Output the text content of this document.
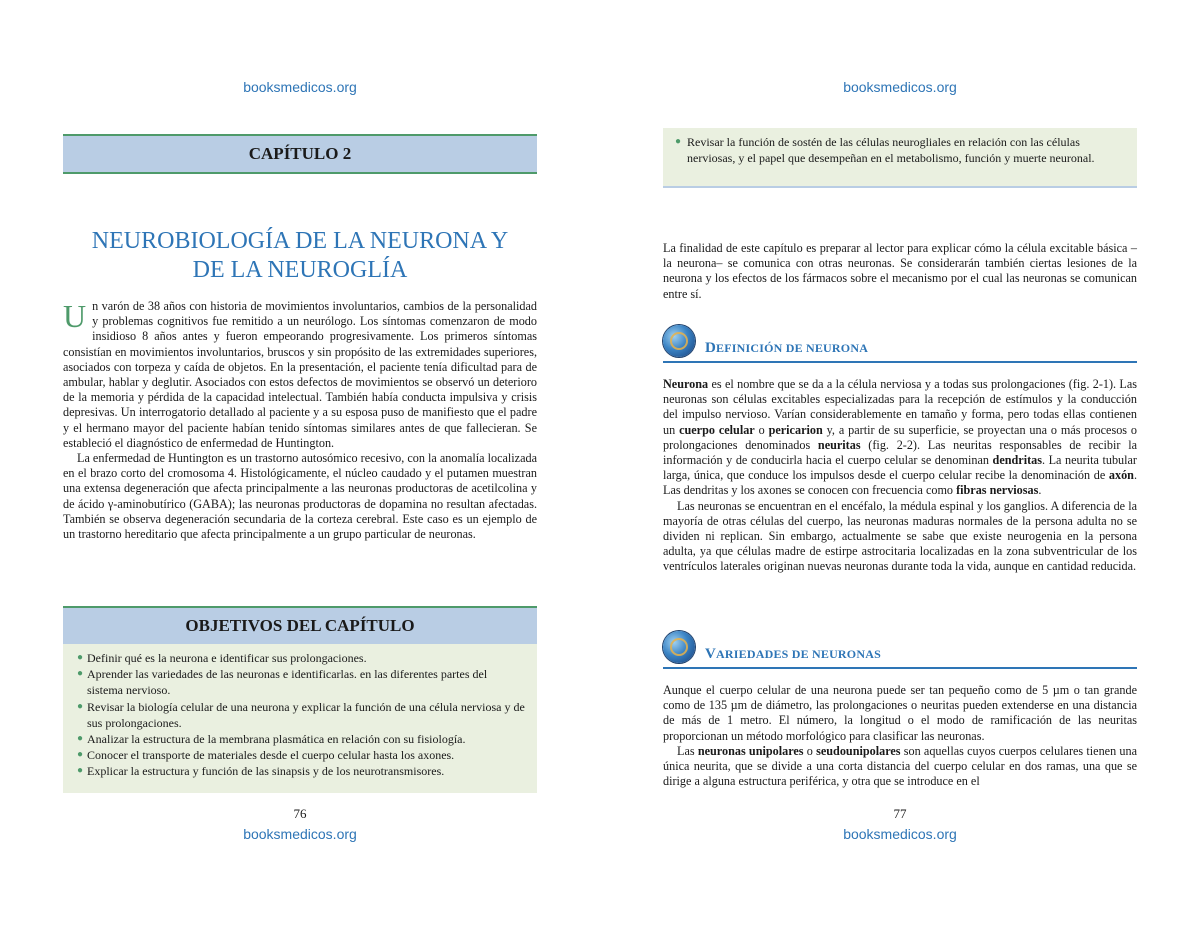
booksmedicos.org
CAPÍTULO 2
NEUROBIOLOGÍA DE LA NEURONA Y
DE LA NEUROGLÍA

Un varón de 38 años con historia de movimientos involuntarios, cambios de la personalidad y problemas cognitivos fue remitido a un neurólogo. Los síntomas comenzaron de modo insidioso 8 años antes y fueron empeorando progresivamente. Los primeros síntomas consistían en movimientos involuntarios, bruscos y sin propósito de las extremidades superiores, asociados con torpeza y caída de objetos. En la presentación, el paciente tenía dificultad para de ambular, hablar y deglutir. Asociados con estos defectos de movimientos se observó un deterioro de la memoria y pérdida de la capacidad intelectual. También había conducta impulsiva y crisis depresivas. Un interrogatorio detallado al paciente y a su esposa puso de manifiesto que el padre y el hermano mayor del paciente habían tenido síntomas similares antes de que fallecieran. Se estableció el diagnóstico de enfermedad de Huntington.

La enfermedad de Huntington es un trastorno autosómico recesivo, con la anomalía localizada en el brazo corto del cromosoma 4. Histológicamente, el núcleo caudado y el putamen muestran una extensa degeneración que afecta principalmente a las neuronas productoras de acetilcolina y de ácido γ-aminobutírico (GABA); las neuronas productoras de dopamina no resultan afectadas. También se observa degeneración secundaria de la corteza cerebral. Este caso es un ejemplo de un trastorno hereditario que afecta principalmente a un grupo particular de neuronas.

OBJETIVOS DEL CAPÍTULO
● Definir qué es la neurona e identificar sus prolongaciones.
● Aprender las variedades de las neuronas e identificarlas. en las diferentes partes del sistema nervioso.
● Revisar la biología celular de una neurona y explicar la función de una célula nerviosa y de sus prolongaciones.
● Analizar la estructura de la membrana plasmática en relación con su fisiología.
● Conocer el transporte de materiales desde el cuerpo celular hasta los axones.
● Explicar la estructura y función de las sinapsis y de los neurotransmisores.
76
booksmedicos.org
booksmedicos.org
77
booksmedicos.org
● Revisar la función de sostén de las células neurogliales en relación con las células nerviosas, y el papel que desempeñan en el metabolismo, función y muerte neuronal.
La finalidad de este capítulo es preparar al lector para explicar cómo la célula excitable básica –la neurona– se comunica con otras neuronas. Se considerarán también ciertas lesiones de la neurona y los efectos de los fármacos sobre el mecanismo por el cual las neuronas se comunican entre sí.
DEFINICIÓN DE NEURONA

Neurona es el nombre que se da a la célula nerviosa y a todas sus prolongaciones (fig. 2-1). Las neuronas son células excitables especializadas para la recepción de estímulos y la conducción del impulso nervioso. Varían considerablemente en tamaño y forma, pero todas ellas contienen un cuerpo celular o pericarion y, a partir de su superficie, se proyectan una o más procesos o prolongaciones denominados neuritas (fig. 2-2). Las neuritas responsables de recibir la información y de conducirla hacia el cuerpo celular se denominan dendritas. La neurita tubular larga, única, que conduce los impulsos desde el cuerpo celular recibe la denominación de axón. Las dendritas y los axones se conocen con frecuencia como fibras nerviosas.

Las neuronas se encuentran en el encéfalo, la médula espinal y los ganglios. A diferencia de la mayoría de otras células del cuerpo, las neuronas maduras normales de la persona adulta no se dividen ni replican. Sin embargo, actualmente se sabe que existe neurogenia en la persona adulta, ya que células madre de estirpe astrocitaria localizadas en la zona subventricular de los ventrículos laterales originan nuevas neuronas durante toda la vida, aunque en cantidad reducida.

VARIEDADES DE NEURONAS

Aunque el cuerpo celular de una neurona puede ser tan pequeño como de 5 µm o tan grande como de 135 µm de diámetro, las prolongaciones o neuritas pueden extenderse en una distancia de más de 1 metro. El número, la longitud o el modo de ramificación de las neuritas proporcionan un método morfológico para clasificar las neuronas.

Las neuronas unipolares o seudounipolares son aquellas cuyos cuerpos celulares tienen una única neurita, que se divide a una corta distancia del cuerpo celular en dos ramas, una que se dirige a alguna estructura periférica, y otra que se introduce en el
